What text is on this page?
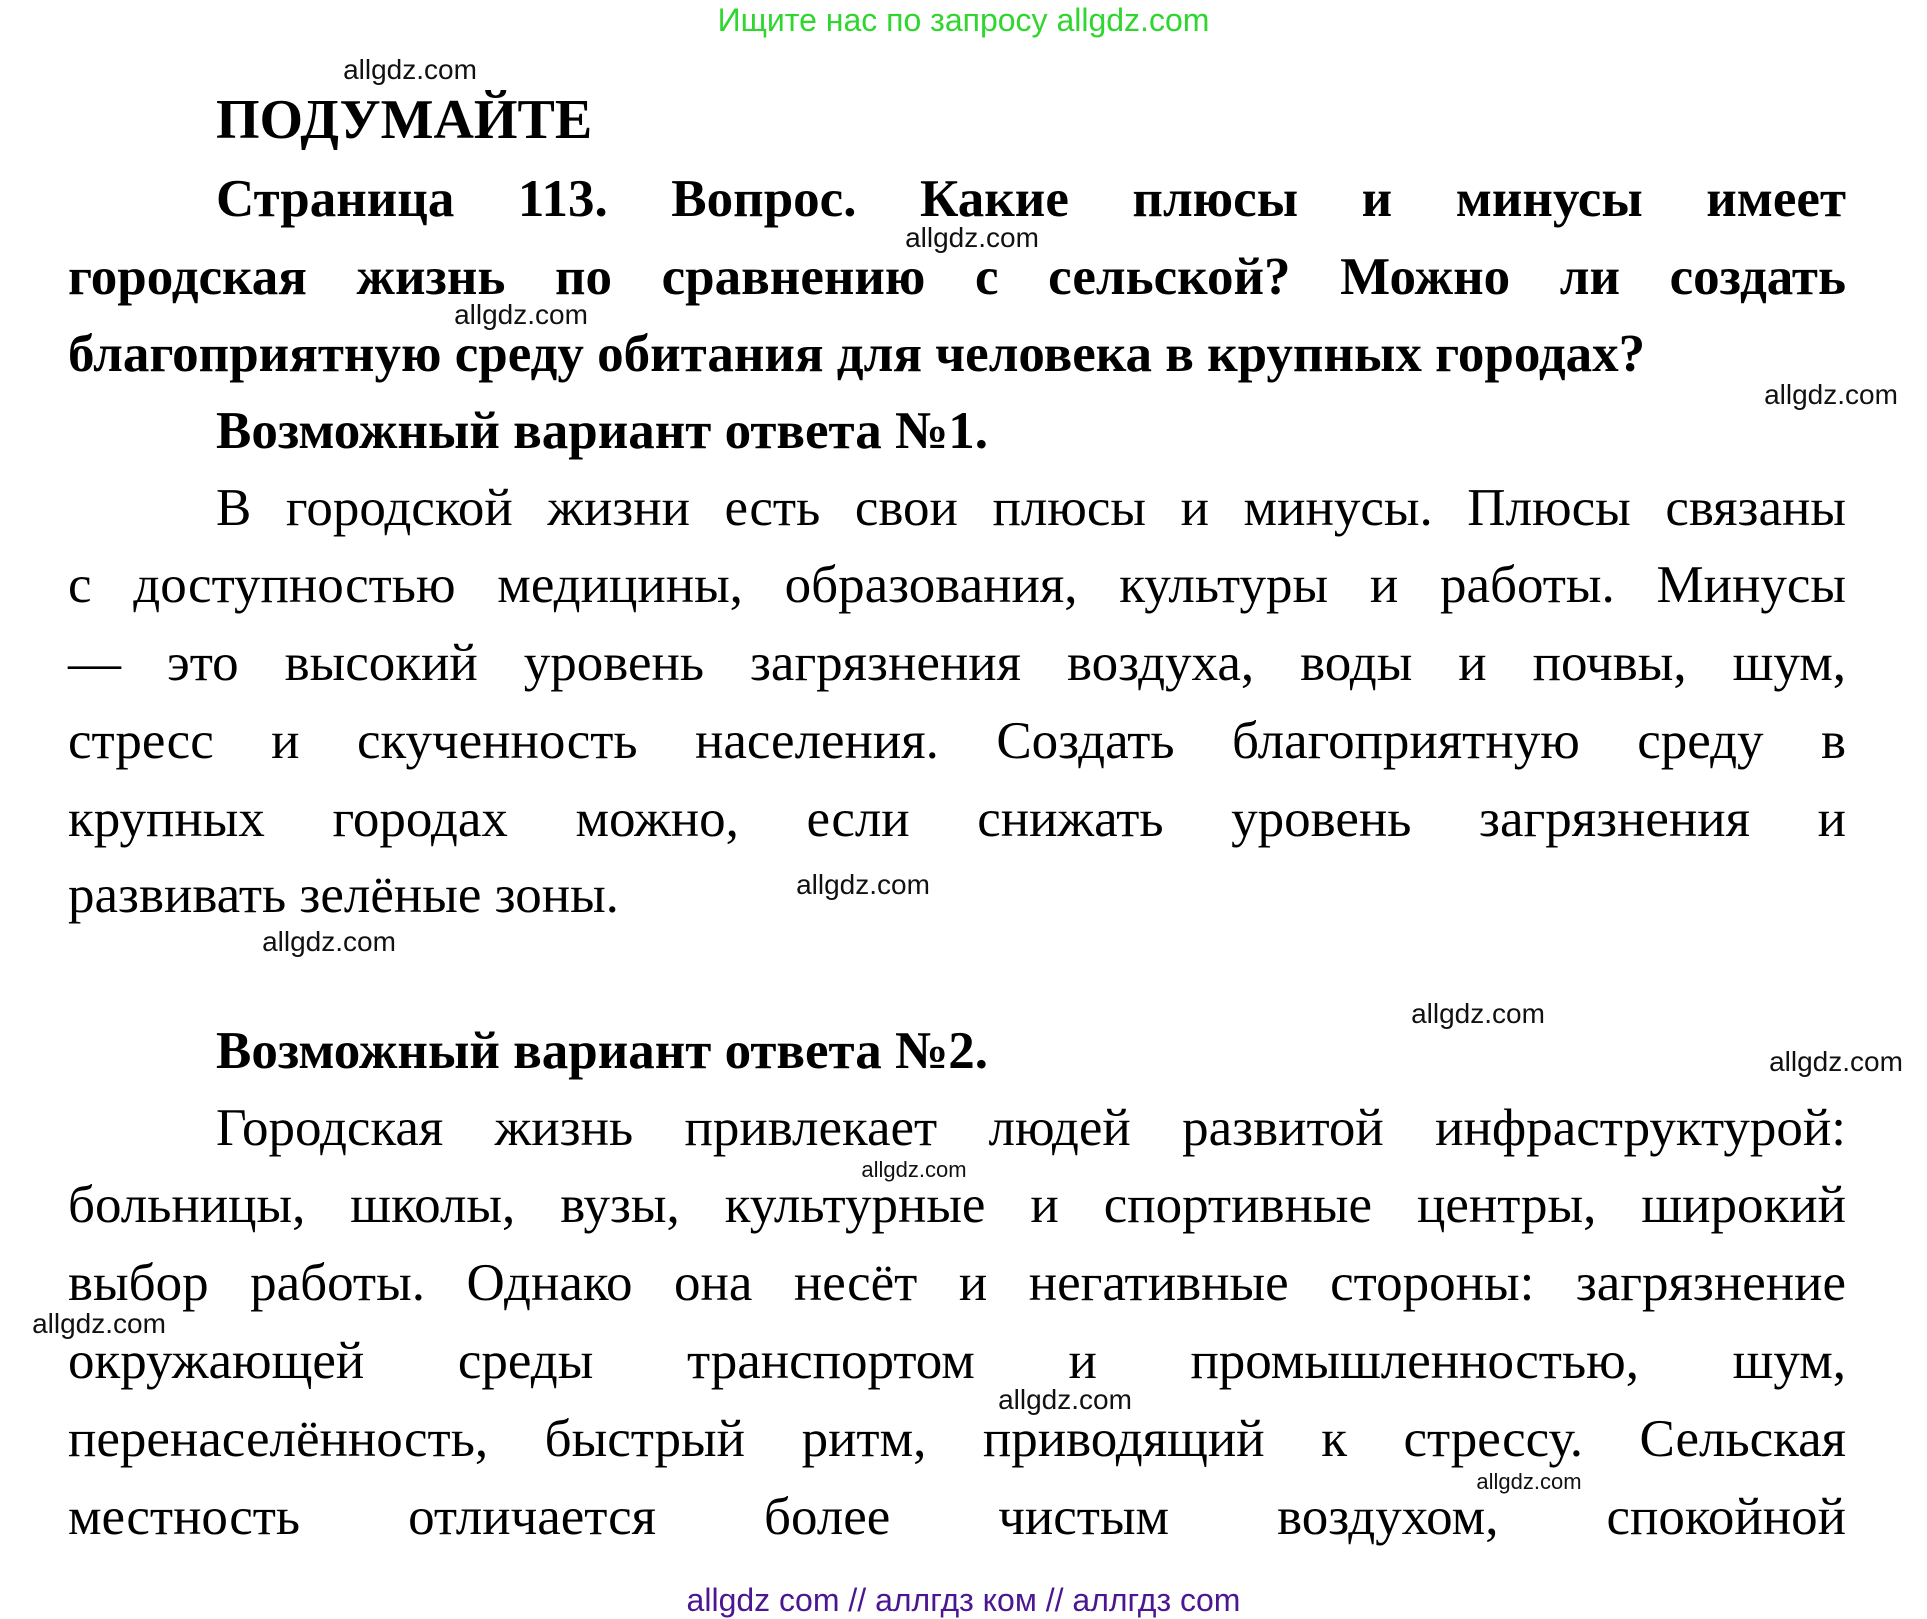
Ищите нас по запросу allgdz.com
ПОДУМАЙТЕ
Страница 113. Вопрос. Какие плюсы и минусы имеет
городская жизнь по сравнению с сельской? Можно ли создать
благоприятную среду обитания для человека в крупных городах?
Возможный вариант ответа №1.
В городской жизни есть свои плюсы и минусы. Плюсы связаны
с доступностью медицины, образования, культуры и работы. Минусы
— это высокий уровень загрязнения воздуха, воды и почвы, шум,
стресс и скученность населения. Создать благоприятную среду в
крупных городах можно, если снижать уровень загрязнения и
развивать зелёные зоны.
Возможный вариант ответа №2.
Городская жизнь привлекает людей развитой инфраструктурой:
больницы, школы, вузы, культурные и спортивные центры, широкий
выбор работы. Однако она несёт и негативные стороны: загрязнение
окружающей среды транспортом и промышленностью, шум,
перенаселённость, быстрый ритм, приводящий к стрессу. Сельская
местность отличается более чистым воздухом, спокойной
allgdz.com
allgdz.com
allgdz.com
allgdz.com
allgdz.com
allgdz.com
allgdz.com
allgdz.com
allgdz.com
allgdz.com
allgdz.com
allgdz.com
allgdz com // аллгдз ком // аллгдз com
